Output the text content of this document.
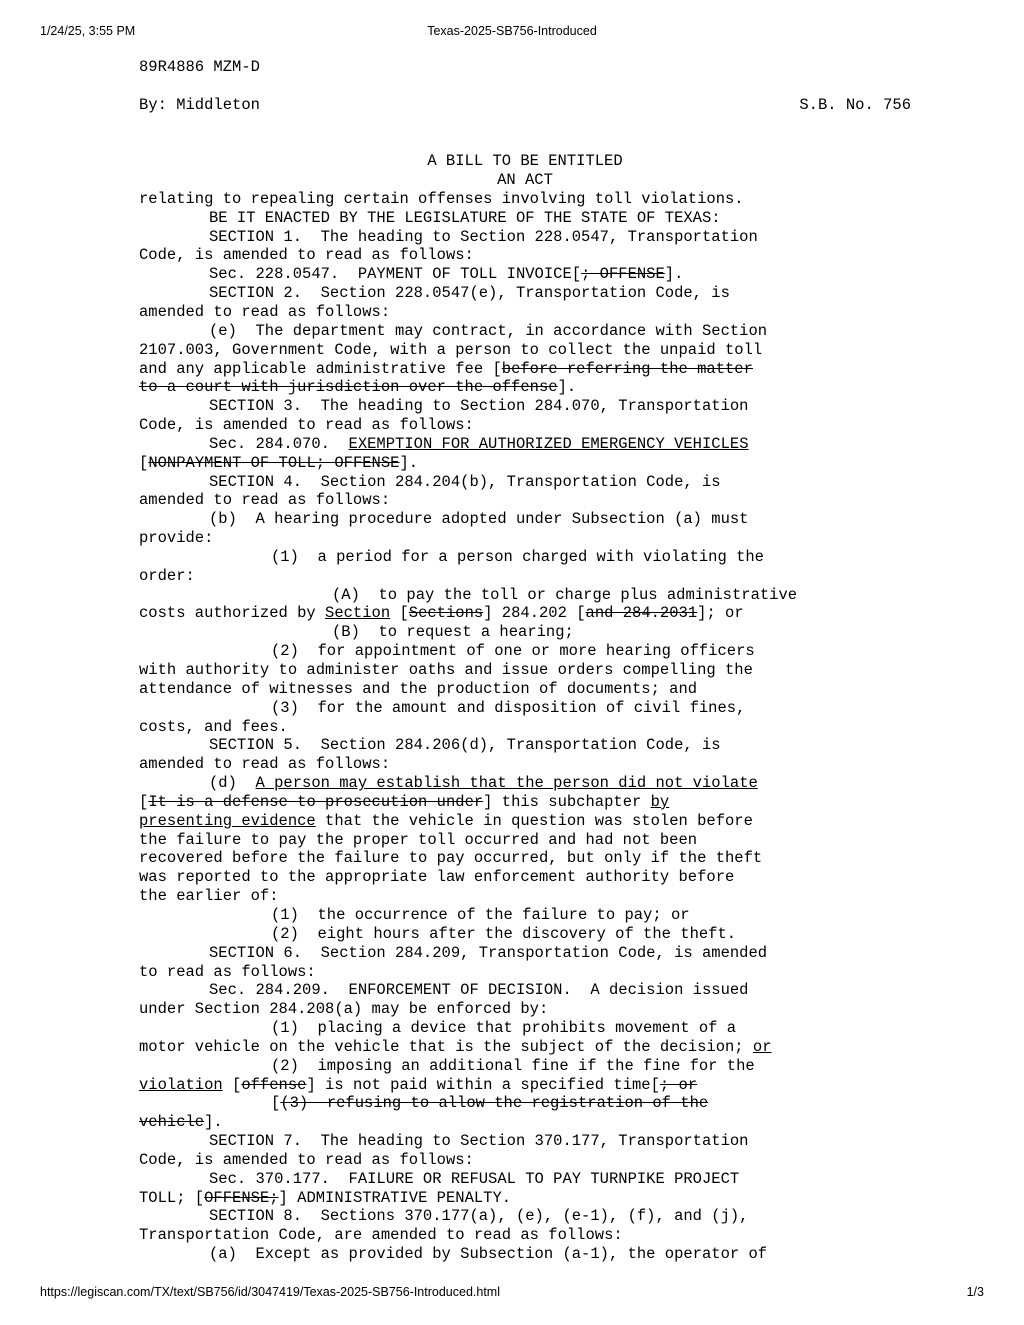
1/24/25, 3:55 PM	Texas-2025-SB756-Introduced
89R4886 MZM-D
By: Middleton	S.B. No. 756
A BILL TO BE ENTITLED
AN ACT
relating to repealing certain offenses involving toll violations.
BE IT ENACTED BY THE LEGISLATURE OF THE STATE OF TEXAS:
SECTION 1.  The heading to Section 228.0547, Transportation
Code, is amended to read as follows:
Sec. 228.0547.  PAYMENT OF TOLL INVOICE[; OFFENSE].
SECTION 2.  Section 228.0547(e), Transportation Code, is
amended to read as follows:
(e)  The department may contract, in accordance with Section
2107.003, Government Code, with a person to collect the unpaid toll
and any applicable administrative fee [before referring the matter
to a court with jurisdiction over the offense].
SECTION 3.  The heading to Section 284.070, Transportation
Code, is amended to read as follows:
Sec. 284.070.  EXEMPTION FOR AUTHORIZED EMERGENCY VEHICLES
[NONPAYMENT OF TOLL; OFFENSE].
SECTION 4.  Section 284.204(b), Transportation Code, is
amended to read as follows:
(b)  A hearing procedure adopted under Subsection (a) must
provide:
(1)  a period for a person charged with violating the
order:
(A)  to pay the toll or charge plus administrative
costs authorized by Section [Sections] 284.202 [and 284.2031]; or
(B)  to request a hearing;
(2)  for appointment of one or more hearing officers
with authority to administer oaths and issue orders compelling the
attendance of witnesses and the production of documents; and
(3)  for the amount and disposition of civil fines,
costs, and fees.
SECTION 5.  Section 284.206(d), Transportation Code, is
amended to read as follows:
(d)  A person may establish that the person did not violate
[It is a defense to prosecution under] this subchapter by
presenting evidence that the vehicle in question was stolen before
the failure to pay the proper toll occurred and had not been
recovered before the failure to pay occurred, but only if the theft
was reported to the appropriate law enforcement authority before
the earlier of:
(1)  the occurrence of the failure to pay; or
(2)  eight hours after the discovery of the theft.
SECTION 6.  Section 284.209, Transportation Code, is amended
to read as follows:
Sec. 284.209.  ENFORCEMENT OF DECISION.  A decision issued
under Section 284.208(a) may be enforced by:
(1)  placing a device that prohibits movement of a
motor vehicle on the vehicle that is the subject of the decision; or
(2)  imposing an additional fine if the fine for the
violation [offense] is not paid within a specified time[; or
[(3)  refusing to allow the registration of the
vehicle].
SECTION 7.  The heading to Section 370.177, Transportation
Code, is amended to read as follows:
Sec. 370.177.  FAILURE OR REFUSAL TO PAY TURNPIKE PROJECT
TOLL; [OFFENSE;] ADMINISTRATIVE PENALTY.
SECTION 8.  Sections 370.177(a), (e), (e-1), (f), and (j),
Transportation Code, are amended to read as follows:
(a)  Except as provided by Subsection (a-1), the operator of
https://legiscan.com/TX/text/SB756/id/3047419/Texas-2025-SB756-Introduced.html	1/3
